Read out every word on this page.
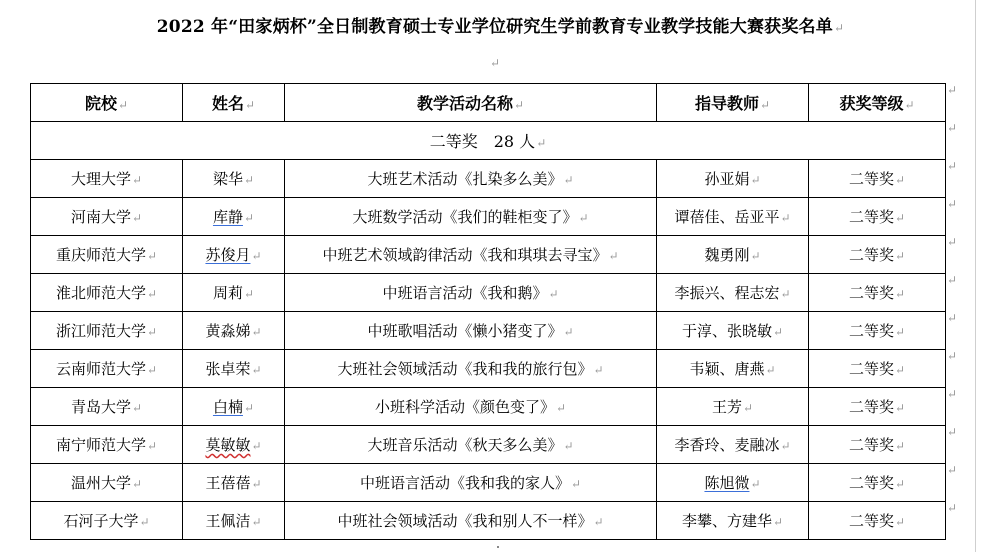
2022 年“田家炳杯”全日制教育硕士专业学位研究生学前教育专业教学技能大赛获奖名单↵
↵
院校↵	姓名↵	教学活动名称↵	指导教师↵	获奖等级↵
二等奖　28 人↵				
大理大学↵	梁华↵	大班艺术活动《扎染多么美》↵	孙亚娟↵	二等奖↵
河南大学↵	库静↵	大班数学活动《我们的鞋柜变了》↵	谭蓓佳、岳亚平↵	二等奖↵
重庆师范大学↵	苏俊月↵	中班艺术领域韵律活动《我和琪琪去寻宝》↵	魏勇刚↵	二等奖↵
淮北师范大学↵	周莉↵	中班语言活动《我和鹅》↵	李振兴、程志宏↵	二等奖↵
浙江师范大学↵	黄淼娣↵	中班歌唱活动《懒小猪变了》↵	于淳、张晓敏↵	二等奖↵
云南师范大学↵	张卓荣↵	大班社会领域活动《我和我的旅行包》↵	韦颖、唐燕↵	二等奖↵
青岛大学↵	白楠↵	小班科学活动《颜色变了》↵	王芳↵	二等奖↵
南宁师范大学↵	莫敏敏↵	大班音乐活动《秋天多么美》↵	李香玲、麦融冰↵	二等奖↵
温州大学↵	王蓓蓓↵	中班语言活动《我和我的家人》↵	陈旭微↵	二等奖↵
石河子大学↵	王佩洁↵	中班社会领域活动《我和别人不一样》↵	李攀、方建华↵	二等奖↵
↵
↵
↵
↵
↵
↵
↵
↵
↵
↵
↵
↵
